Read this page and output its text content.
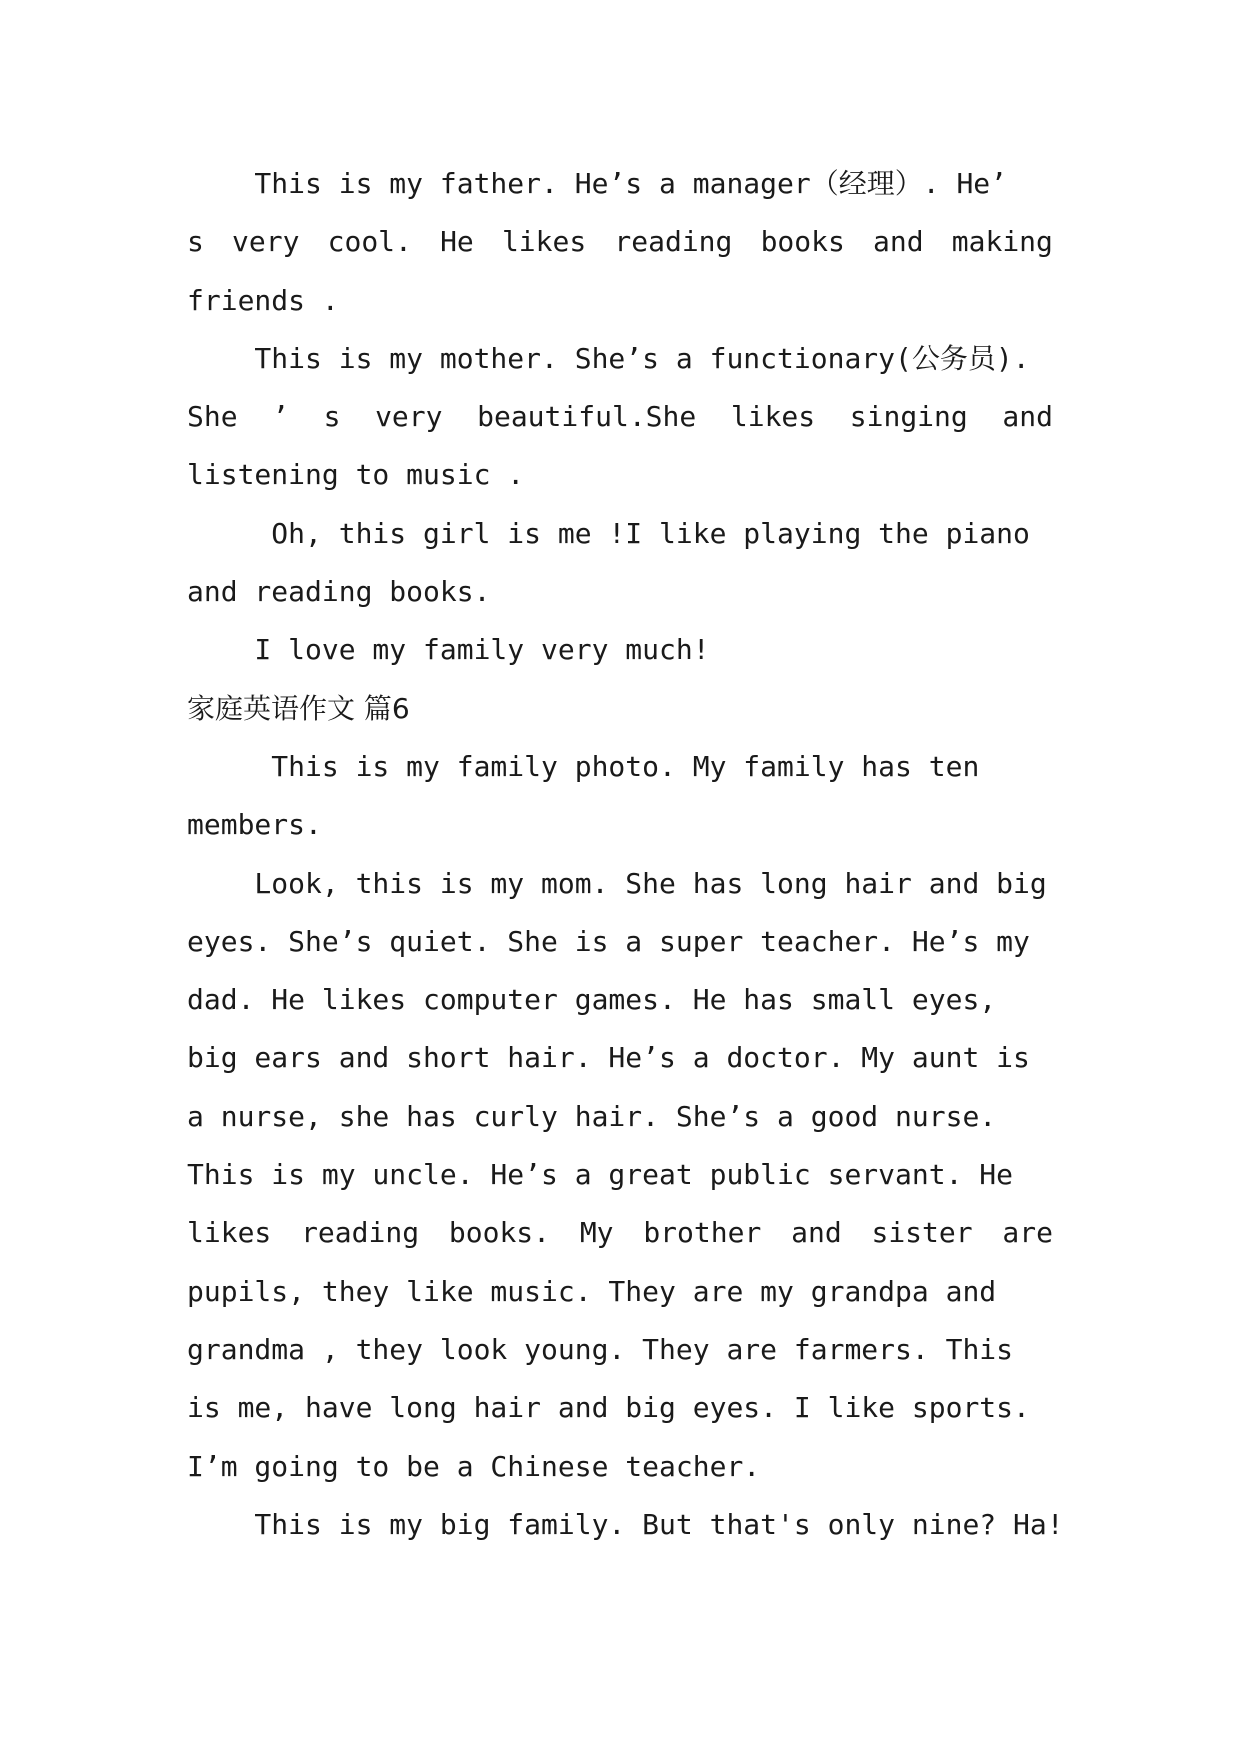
This is my father. He’s a manager（经理）. He’
s very cool. He likes reading books and making
friends .
This is my mother. She’s a functionary(公务员).
She ’ s very beautiful.She likes singing and
listening to music .
Oh, this girl is me !I like playing the piano
and reading books.
I love my family very much!
家庭英语作文 篇6
This is my family photo. My family has ten
members.
Look, this is my mom. She has long hair and big
eyes. She’s quiet. She is a super teacher. He’s my
dad. He likes computer games. He has small eyes,
big ears and short hair. He’s a doctor. My aunt is
a nurse, she has curly hair. She’s a good nurse.
This is my uncle. He’s a great public servant. He
likes reading books. My brother and sister are
pupils, they like music. They are my grandpa and
grandma , they look young. They are farmers. This
is me, have long hair and big eyes. I like sports.
I’m going to be a Chinese teacher.
This is my big family. But that's only nine? Ha!
